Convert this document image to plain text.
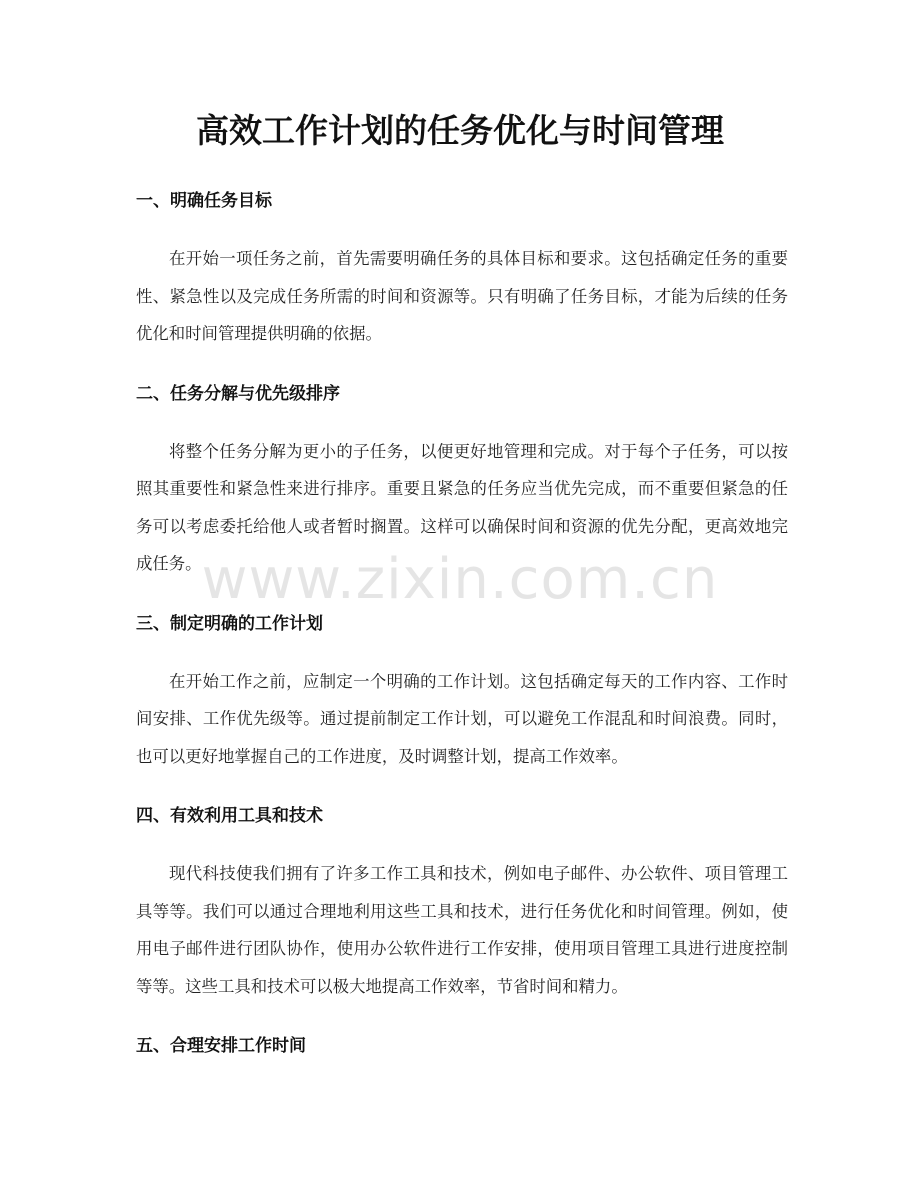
高效工作计划的任务优化与时间管理
一、明确任务目标

在开始一项任务之前，首先需要明确任务的具体目标和要求。这包括确定任务的重要性、紧急性以及完成任务所需的时间和资源等。只有明确了任务目标，才能为后续的任务优化和时间管理提供明确的依据。

二、任务分解与优先级排序

将整个任务分解为更小的子任务，以便更好地管理和完成。对于每个子任务，可以按照其重要性和紧急性来进行排序。重要且紧急的任务应当优先完成，而不重要但紧急的任务可以考虑委托给他人或者暂时搁置。这样可以确保时间和资源的优先分配，更高效地完成任务。

三、制定明确的工作计划

在开始工作之前，应制定一个明确的工作计划。这包括确定每天的工作内容、工作时间安排、工作优先级等。通过提前制定工作计划，可以避免工作混乱和时间浪费。同时，也可以更好地掌握自己的工作进度，及时调整计划，提高工作效率。

四、有效利用工具和技术

现代科技使我们拥有了许多工作工具和技术，例如电子邮件、办公软件、项目管理工具等等。我们可以通过合理地利用这些工具和技术，进行任务优化和时间管理。例如，使用电子邮件进行团队协作，使用办公软件进行工作安排，使用项目管理工具进行进度控制等等。这些工具和技术可以极大地提高工作效率，节省时间和精力。

五、合理安排工作时间
www.zixin.com.cn
